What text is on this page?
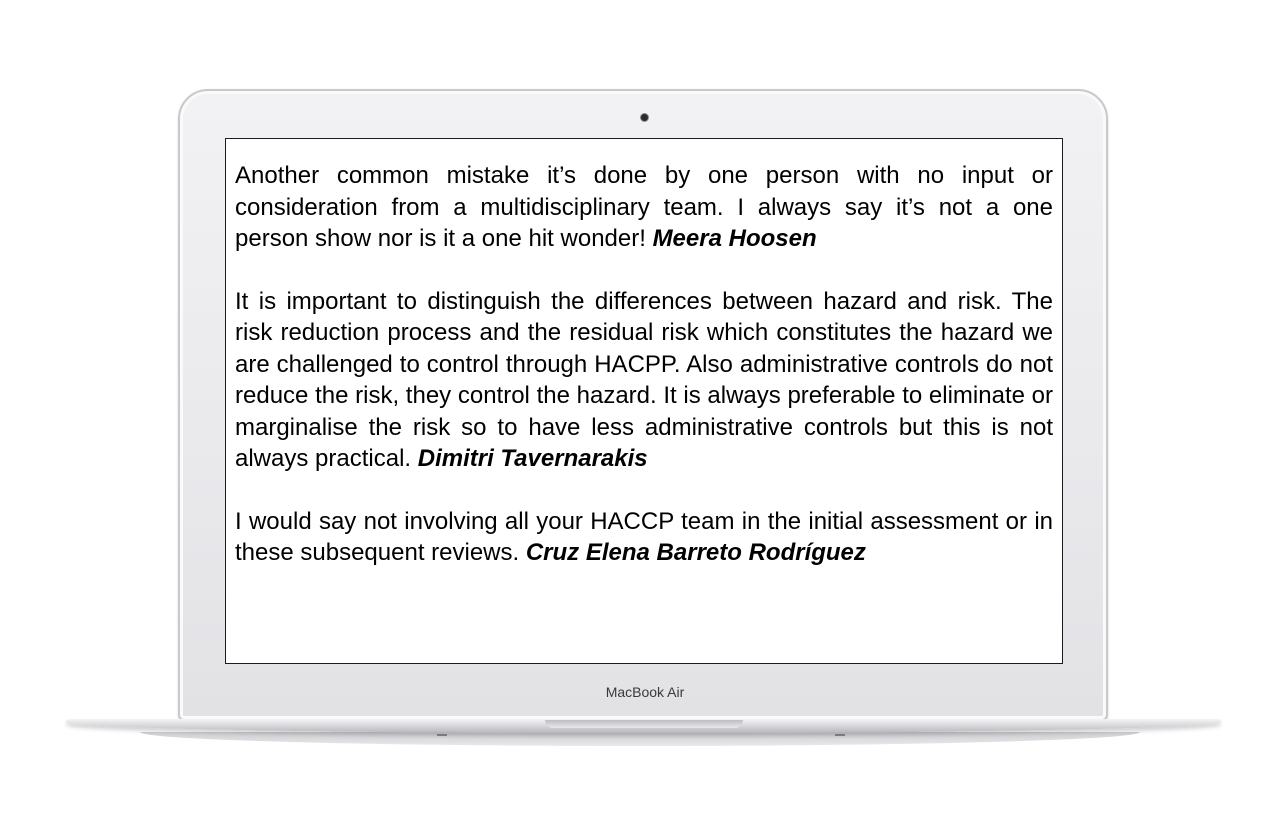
Another common mistake it’s done by one person with no input or consideration from a multidisciplinary team. I always say it’s not a one person show nor is it a one hit wonder! Meera Hoosen

It is important to distinguish the differences between hazard and risk. The risk reduction process and the residual risk which constitutes the hazard we are challenged to control through HACPP. Also administrative controls do not reduce the risk, they control the hazard. It is always preferable to eliminate or marginalise the risk so to have less administrative controls but this is not always practical. Dimitri Tavernarakis

I would say not involving all your HACCP team in the initial assessment or in these subsequent reviews. Cruz Elena Barreto Rodríguez

MacBook Air
